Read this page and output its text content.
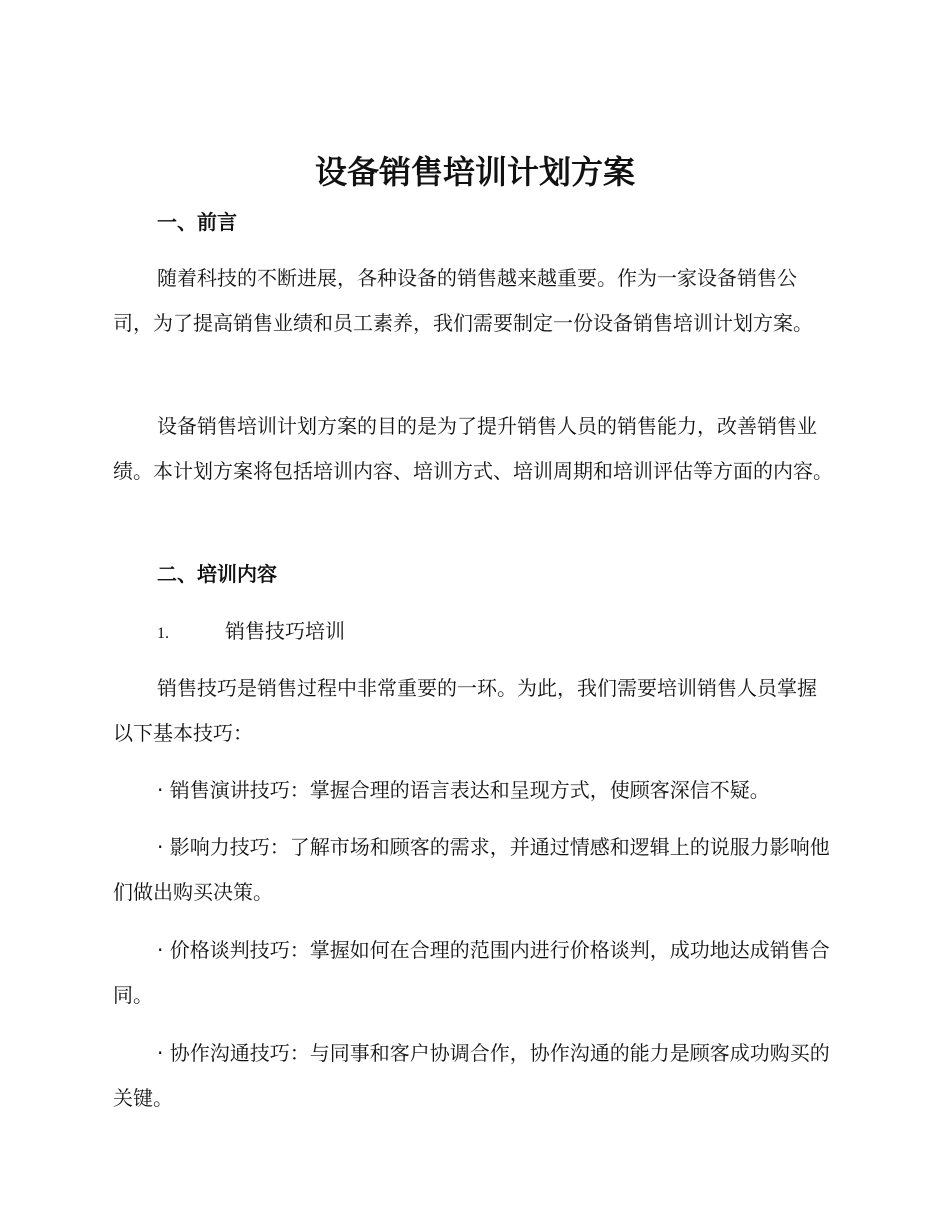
设备销售培训计划方案
一、前言

随着科技的不断进展，各种设备的销售越来越重要。作为一家设备销售公司，为了提高销售业绩和员工素养，我们需要制定一份设备销售培训计划方案。

设备销售培训计划方案的目的是为了提升销售人员的销售能力，改善销售业绩。本计划方案将包括培训内容、培训方式、培训周期和培训评估等方面的内容。

二、培训内容
1.	销售技巧培训

销售技巧是销售过程中非常重要的一环。为此，我们需要培训销售人员掌握以下基本技巧：

· 销售演讲技巧：掌握合理的语言表达和呈现方式，使顾客深信不疑。

· 影响力技巧：了解市场和顾客的需求，并通过情感和逻辑上的说服力影响他们做出购买决策。

· 价格谈判技巧：掌握如何在合理的范围内进行价格谈判，成功地达成销售合同。

· 协作沟通技巧：与同事和客户协调合作，协作沟通的能力是顾客成功购买的关键。
